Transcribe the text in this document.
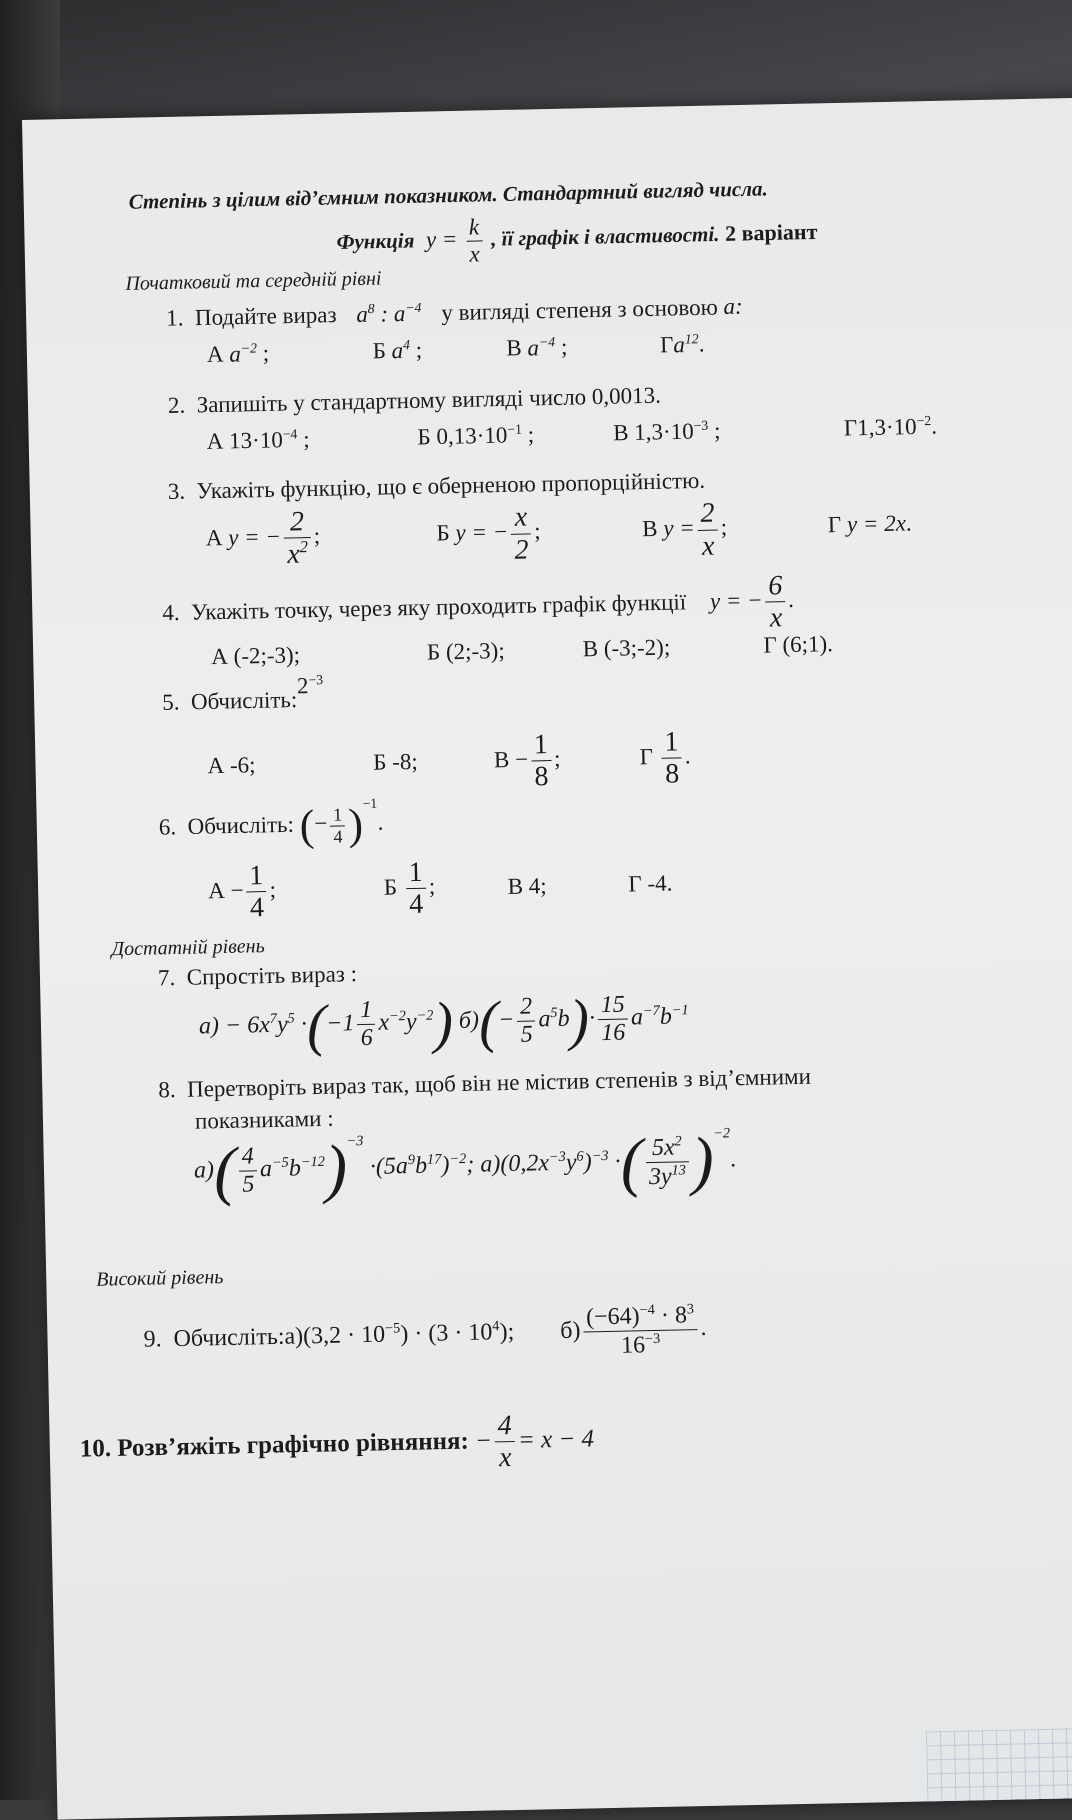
Степінь з цілим від’ємним показником. Стандартний вигляд числа.
Функція  $y = \frac{k}{x}$ , її графік і властивості. 2 варіант
Початковий та середній рівні
1. Подайте вираз $a^8$ : $a^{-4}$ у вигляді степеня з основою a:
А $a^{-2}$ ;	Б $a^4$ ;	В $a^{-4}$ ;	$Гa^{12}$.
2. Запишіть у стандартному вигляді число 0,0013.
А $13\cdot 10^{-4}$ ;	Б $0,13\cdot 10^{-1}$ ;	В $1,3\cdot 10^{-3}$ ;	$Г1,3\cdot 10^{-2}$.
3. Укажіть функцію, що є оберненою пропорційністю.
А y = − $\frac{2}{x^2}$ ;	Б y = − $\frac{x}{2}$ ;	В $y = \frac{2}{x}$ ;	Г y = 2x.
4. Укажіть точку, через яку проходить графік функції y = − $\frac{6}{x}$ .
А (-2;-3);	Б (2;-3);	В (-3;-2);	Г (6;1).
5. $Обчисліть:2^{-3}$
А -6;	Б -8;	$В - \frac{1}{8}$ ;	Г $\frac{1}{8}$ .
6. Обчисліть: (− $\frac{1}{4} )^{-1}$.
$А - \frac{1}{4}$ ;	Б $\frac{1}{4}$ ;	В 4;	Г -4.
Достатній рівень
7. Спростіть вираз :
$а) - 6x^7y^5 \cdot(-1 \frac{1}{6} x^{-2}y^{-2})$ $б)(- \frac{2}{5} a^5b)\cdot \frac{15}{16} a^{-7}b^{-1}$
8. Перетворіть вираз так, щоб він не містив степенів з від’ємними
показниками :
$а)( \frac{4}{5} a^{-5}b^{-12})^{-3} \cdot(5a^9b^{17})^{-2}$; $а)(0,2x^{-3}y^6)^{-3}$ ·( $\frac{5x^2}{3y^{13}} )^{-2}$.
Високий рівень
9. Обчисліть:а)(3,2 · $10^{-5}) \cdot (3 \cdot 10^4)$; $б) \frac{(-64)^{-4} \cdot 8^3}{16^{-3}}$ .
10. Розв’яжіть графічно рівняння: − $\frac{4}{x} = x - 4$
